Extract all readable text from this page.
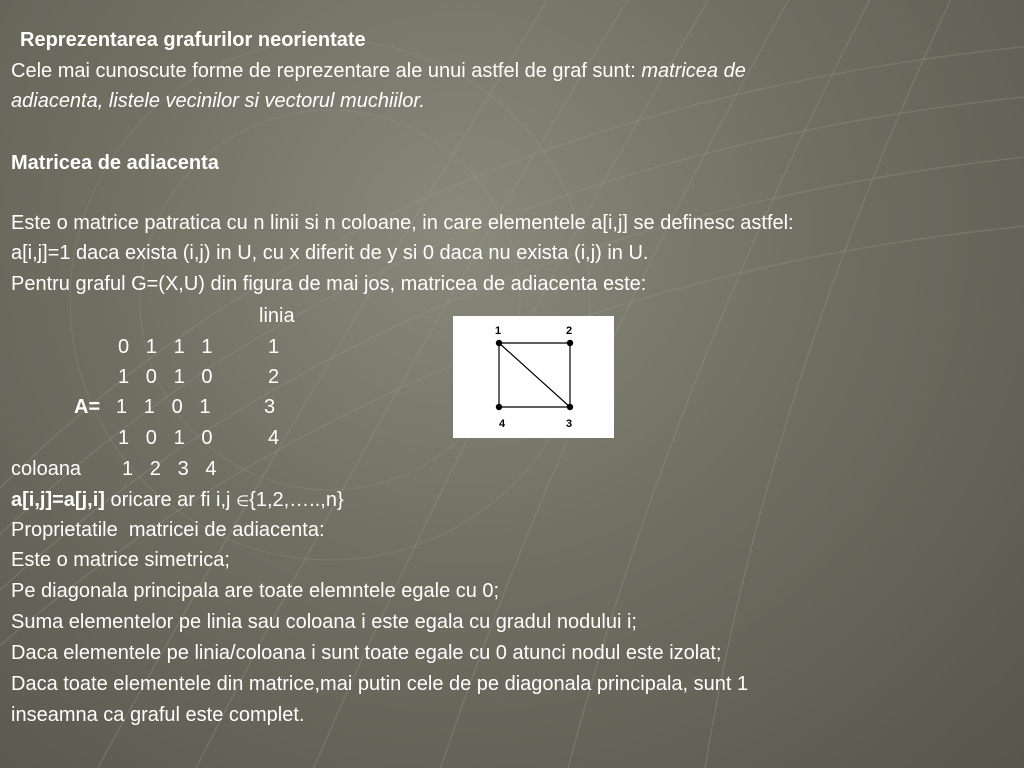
Reprezentarea grafurilor neorientate
Cele mai cunoscute forme de reprezentare ale unui astfel de graf sunt: matricea de
adiacenta, listele vecinilor si vectorul muchiilor.
Matricea de adiacenta
Este o matrice patratica cu n linii si n coloane, in care elementele a[i,j] se definesc astfel:
a[i,j]=1 daca exista (i,j) in U, cu x diferit de y si 0 daca nu exista (i,j) in U.
Pentru graful G=(X,U) din figura de mai jos, matricea de adiacenta este:
linia
0   1   1   1	1
1   0   1   0	2
A= 1   1   0   1	3
1   0   1   0	4
coloana 1   2   3   4
1	2
3
4
a[i,j]=a[j,i] oricare ar fi i,j ∈{1,2,…..,n}
Proprietatile  matricei de adiacenta:
Este o matrice simetrica;
Pe diagonala principala are toate elemntele egale cu 0;
Suma elementelor pe linia sau coloana i este egala cu gradul nodului i;
Daca elementele pe linia/coloana i sunt toate egale cu 0 atunci nodul este izolat;
Daca toate elementele din matrice,mai putin cele de pe diagonala principala, sunt 1
inseamna ca graful este complet.
